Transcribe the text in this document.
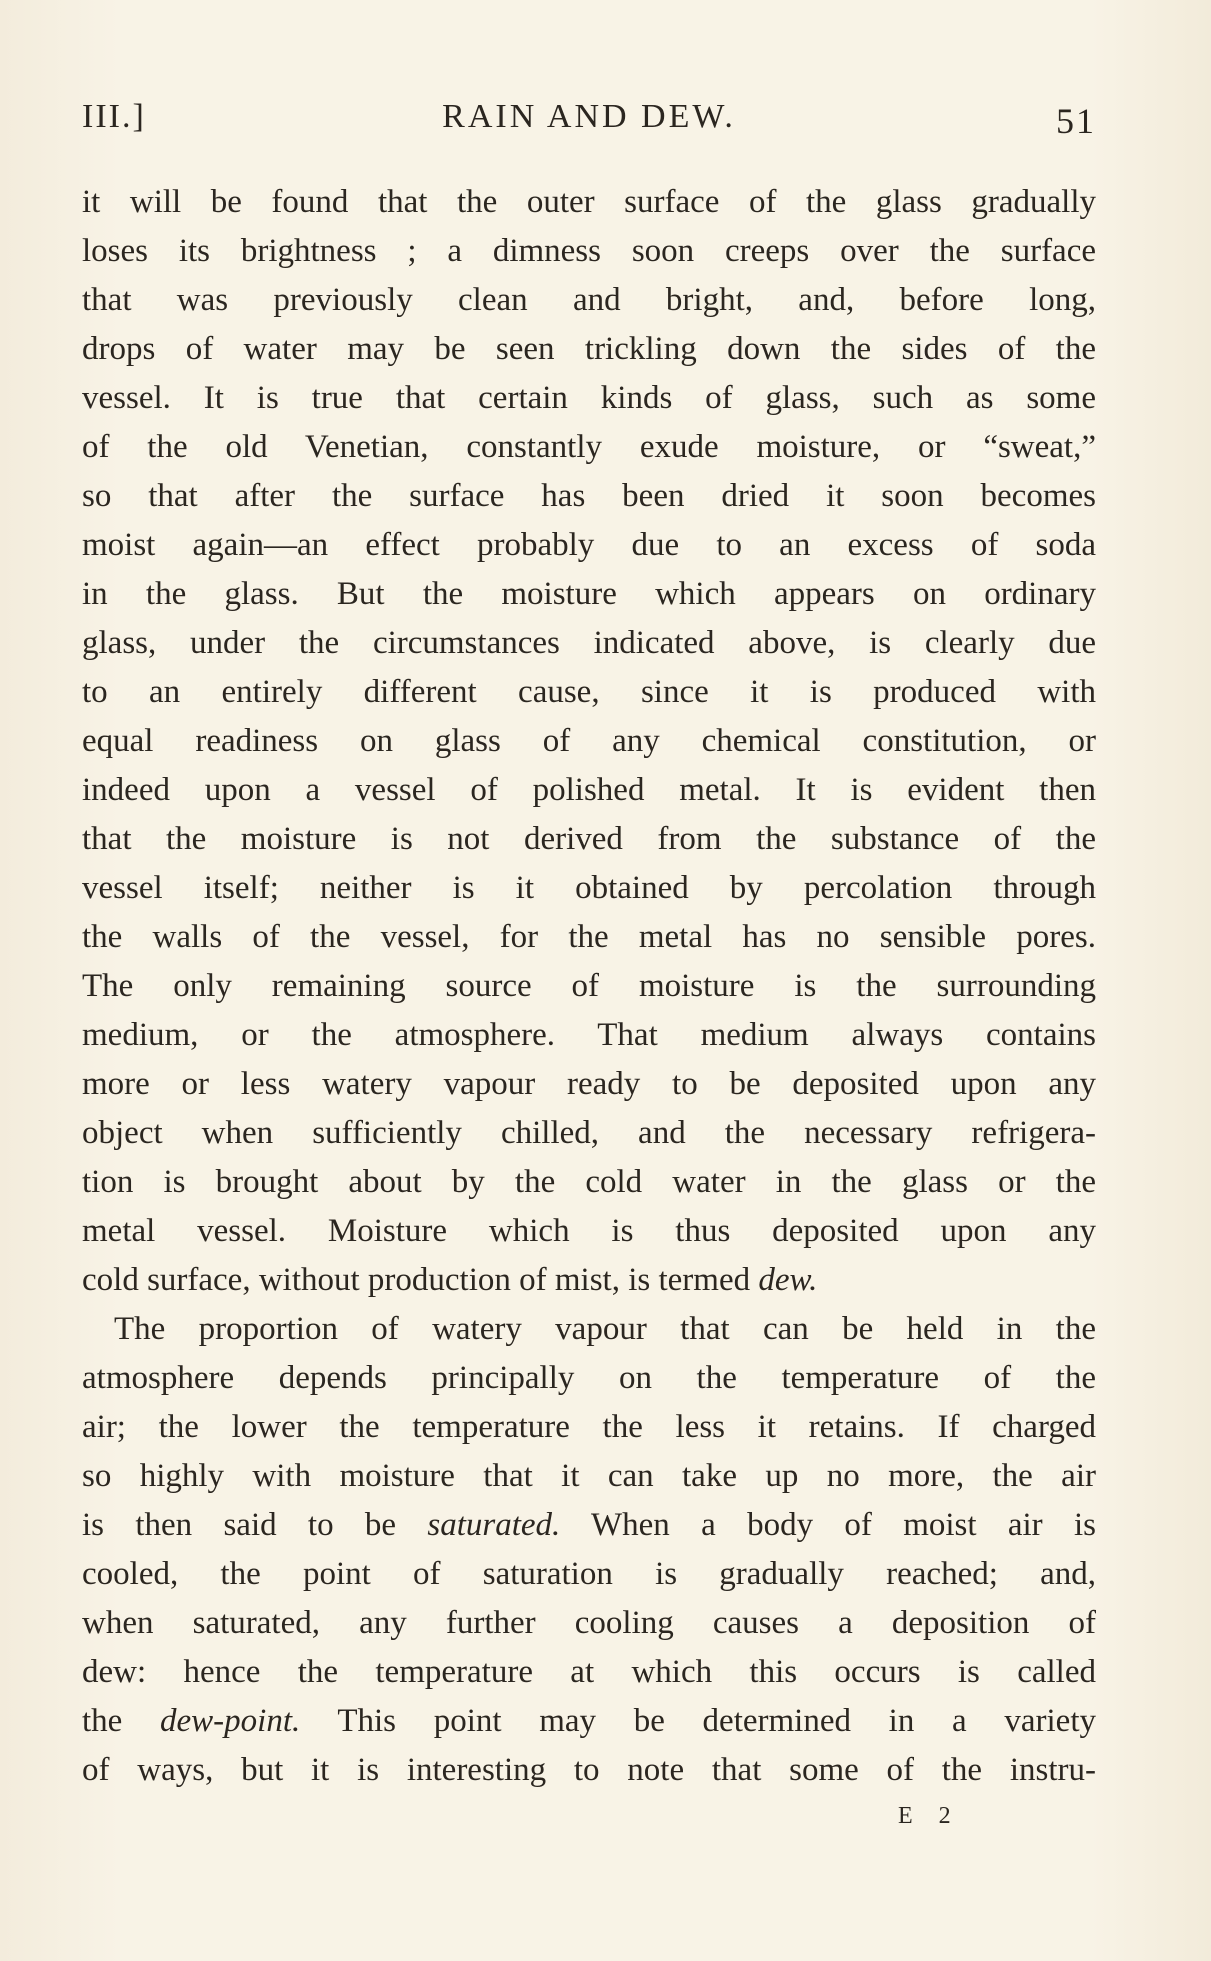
III.]	RAIN AND DEW.	51
it will be found that the outer surface of the glass gradually
loses its brightness ; a dimness soon creeps over the surface
that was previously clean and bright, and, before long,
drops of water may be seen trickling down the sides of the
vessel. It is true that certain kinds of glass, such as some
of the old Venetian, constantly exude moisture, or “sweat,”
so that after the surface has been dried it soon becomes
moist again—an effect probably due to an excess of soda
in the glass. But the moisture which appears on ordinary
glass, under the circumstances indicated above, is clearly due
to an entirely different cause, since it is produced with
equal readiness on glass of any chemical constitution, or
indeed upon a vessel of polished metal. It is evident then
that the moisture is not derived from the substance of the
vessel itself; neither is it obtained by percolation through
the walls of the vessel, for the metal has no sensible pores.
The only remaining source of moisture is the surrounding
medium, or the atmosphere. That medium always contains
more or less watery vapour ready to be deposited upon any
object when sufficiently chilled, and the necessary refrigera-
tion is brought about by the cold water in the glass or the
metal vessel. Moisture which is thus deposited upon any
cold surface, without production of mist, is termed dew.
The proportion of watery vapour that can be held in the
atmosphere depends principally on the temperature of the
air; the lower the temperature the less it retains. If charged
so highly with moisture that it can take up no more, the air
is then said to be saturated. When a body of moist air is
cooled, the point of saturation is gradually reached; and,
when saturated, any further cooling causes a deposition of
dew: hence the temperature at which this occurs is called
the dew-point. This point may be determined in a variety
of ways, but it is interesting to note that some of the instru-
E 2
